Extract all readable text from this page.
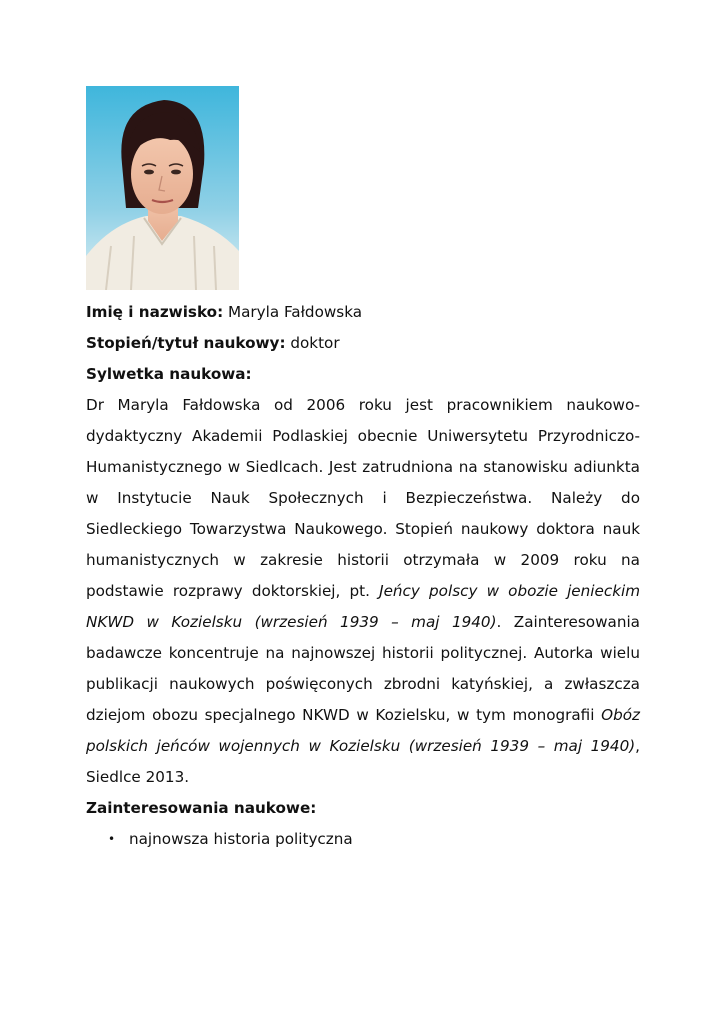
Imię i nazwisko: Maryla Fałdowska

Stopień/tytuł naukowy: doktor

Sylwetka naukowa:

Dr Maryla Fałdowska od 2006 roku jest pracownikiem naukowo-dydaktyczny Akademii Podlaskiej obecnie Uniwersytetu Przyrodniczo-Humanistycznego w Siedlcach. Jest zatrudniona na stanowisku adiunkta w Instytucie Nauk Społecznych i Bezpieczeństwa. Należy do Siedleckiego Towarzystwa Naukowego. Stopień naukowy doktora nauk humanistycznych w zakresie historii otrzymała w 2009 roku na podstawie rozprawy doktorskiej, pt. Jeńcy polscy w obozie jenieckim NKWD w Kozielsku (wrzesień 1939 – maj 1940). Zainteresowania badawcze koncentruje na najnowszej historii politycznej. Autorka wielu publikacji naukowych poświęconych zbrodni katyńskiej, a zwłaszcza dziejom obozu specjalnego NKWD w Kozielsku, w tym monografii Obóz polskich jeńców wojennych w Kozielsku (wrzesień 1939 – maj 1940), Siedlce 2013.

Zainteresowania naukowe:

• najnowsza historia polityczna
